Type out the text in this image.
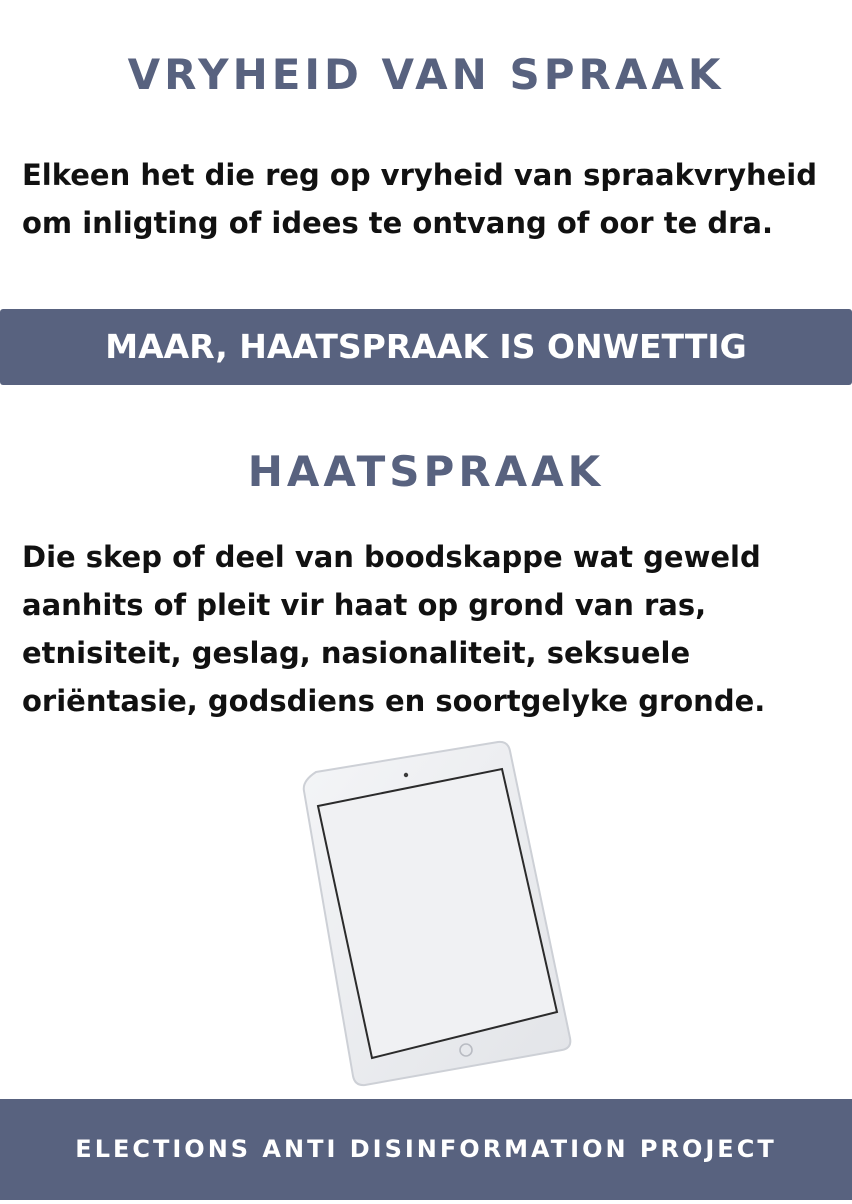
VRYHEID VAN SPRAAK

Elkeen het die reg op vryheid van spraakvryheid om inligting of idees te ontvang of oor te dra.

MAAR, HAATSPRAAK IS ONWETTIG
HAATSPRAAK

Die skep of deel van boodskappe wat geweld aanhits of pleit vir haat op grond van ras, etnisiteit, geslag, nasionaliteit, seksuele oriëntasie, godsdiens en soortgelyke gronde.

ELECTIONS ANTI DISINFORMATION PROJECT
